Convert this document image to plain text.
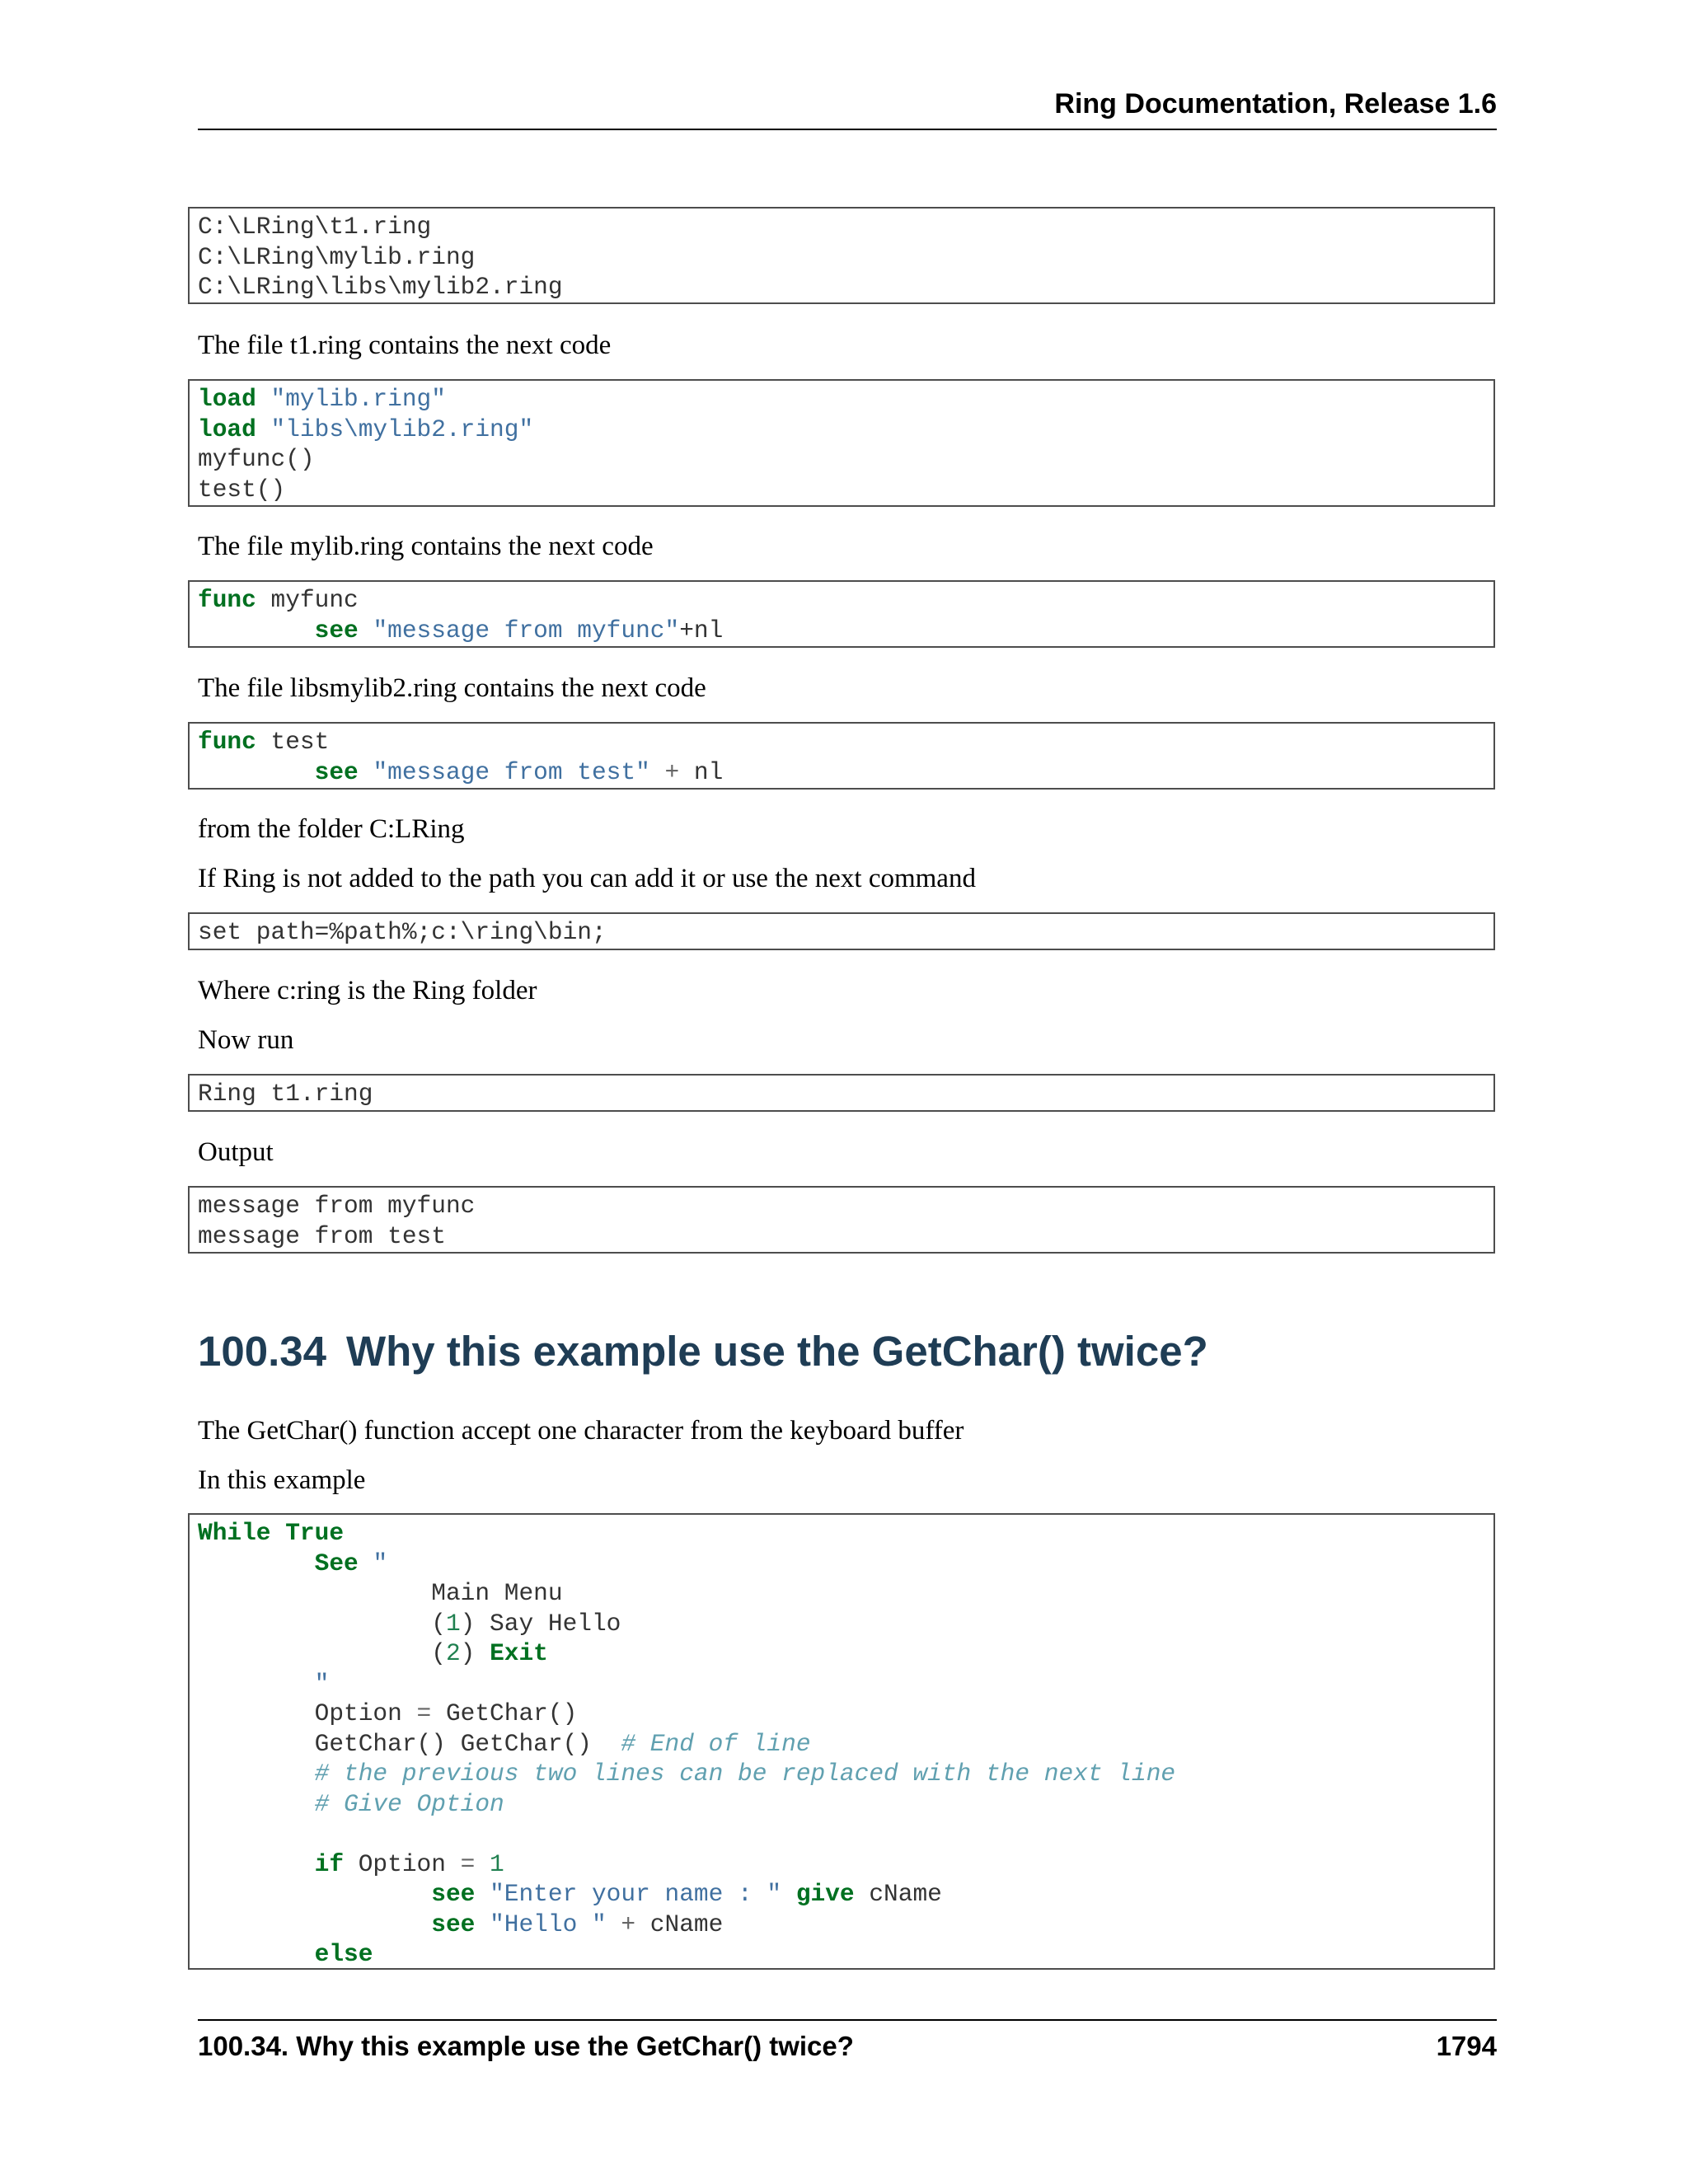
Ring Documentation, Release 1.6
C:\LRing\t1.ring
C:\LRing\mylib.ring
C:\LRing\libs\mylib2.ring
The file t1.ring contains the next code
load "mylib.ring"
load "libs\mylib2.ring"
myfunc()
test()
The file mylib.ring contains the next code
func myfunc
see "message from myfunc"+nl
The file libsmylib2.ring contains the next code
func test
see "message from test" + nl
from the folder C:LRing
If Ring is not added to the path you can add it or use the next command
set path=%path%;c:\ring\bin;
Where c:ring is the Ring folder
Now run
Ring t1.ring
Output
message from myfunc
message from test
100.34 Why this example use the GetChar() twice?
The GetChar() function accept one character from the keyboard buffer
In this example
While True
See "
Main Menu
(1) Say Hello
(2) Exit
"
Option = GetChar()
GetChar() GetChar()  # End of line
# the previous two lines can be replaced with the next line
# Give Option
if Option = 1
see "Enter your name : " give cName
see "Hello " + cName
else
100.34. Why this example use the GetChar() twice?	1794
